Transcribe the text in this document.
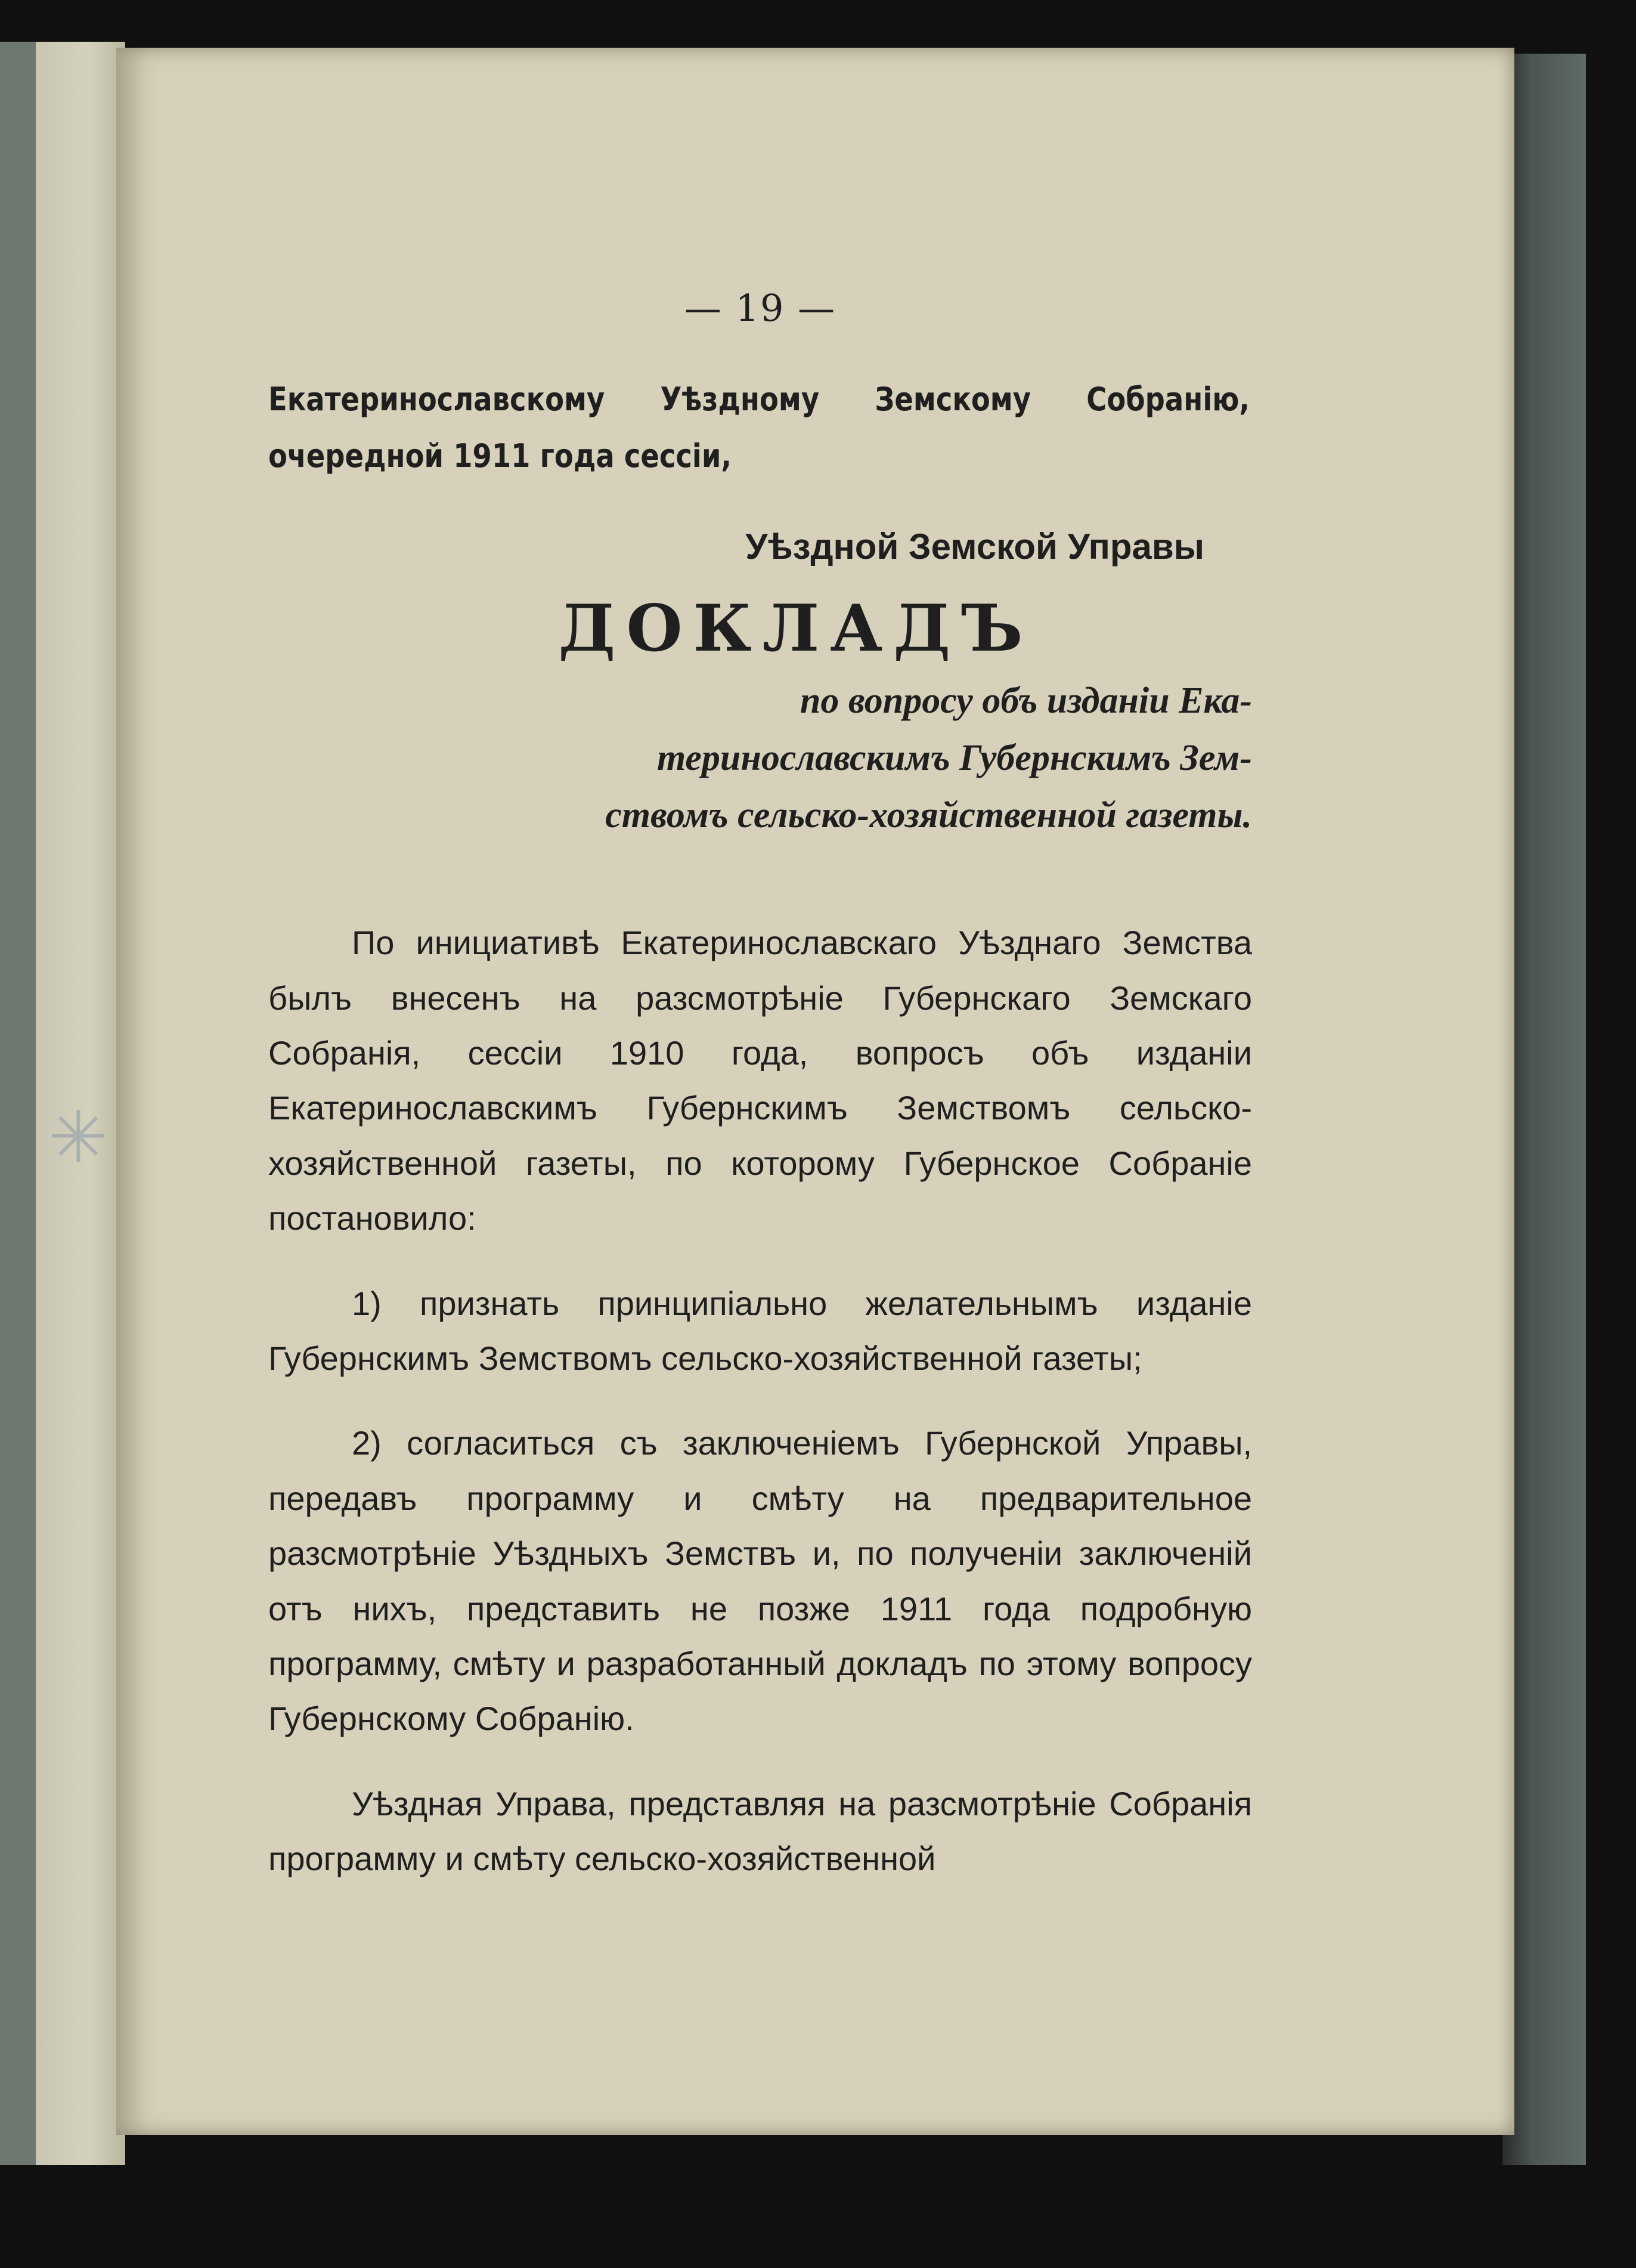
✳
— 19 —
Екатеринославскому Уѣздному Земскому Собранію, очередной 1911 года сессіи,
Уѣздной Земской Управы
ДОКЛАДЪ
по вопросу объ изданіи Ека-
теринославскимъ Губернскимъ Зем-
ствомъ сельско-хозяйственной газеты.

По инициативѣ Екатеринославскаго Уѣзднаго Земства былъ внесенъ на разсмотрѣніе Губернскаго Земскаго Собранія, сессіи 1910 года, вопросъ объ изданіи Екатеринославскимъ Губернскимъ Земствомъ сельско-хозяйственной газеты, по которому Губернское Собраніе постановило:

1) признать принципіально желательнымъ изданіе Губернскимъ Земствомъ сельско-хозяйственной газеты;

2) согласиться съ заключеніемъ Губернской Управы, передавъ программу и смѣту на предварительное разсмотрѣніе Уѣздныхъ Земствъ и, по полученіи заключеній отъ нихъ, представить не позже 1911 года подробную программу, смѣту и разработанный докладъ по этому вопросу Губернскому Собранію.

Уѣздная Управа, представляя на разсмотрѣніе Собранія программу и смѣту сельско-хозяйственной
